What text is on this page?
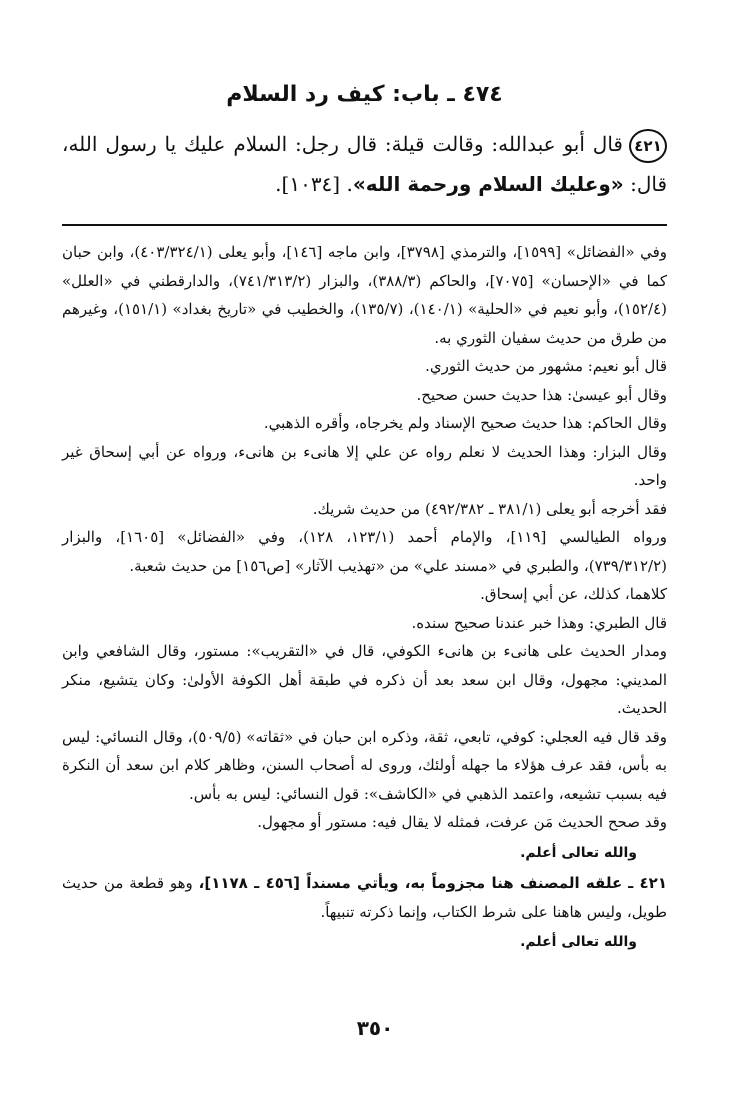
٤٧٤ ـ باب: كيف رد السلام

٤٢١قال أبو عبدالله: وقالت قيلة: قال رجل: السلام عليك يا رسول الله، قال: «وعليك السلام ورحمة الله». [١٠٣٤].

وفي «الفضائل» [١٥٩٩]، والترمذي [٣٧٩٨]، وابن ماجه [١٤٦]، وأبو يعلى (٤٠٣/٣٢٤/١)، وابن حبان كما في «الإحسان» [٧٠٧٥]، والحاكم (٣٨٨/٣)، والبزار (٧٤١/٣١٣/٢)، والدارقطني في «العلل» (١٥٢/٤)، وأبو نعيم في «الحلية» (١٤٠/١)، (١٣٥/٧)، والخطيب في «تاريخ بغداد» (١٥١/١)، وغيرهم من طرق من حديث سفيان الثوري به.

قال أبو نعيم: مشهور من حديث الثوري.

وقال أبو عيسىٰ: هذا حديث حسن صحيح.

وقال الحاكم: هذا حديث صحيح الإسناد ولم يخرجاه، وأقره الذهبي.

وقال البزار: وهذا الحديث لا نعلم رواه عن علي إلا هانىء بن هانىء، ورواه عن أبي إسحاق غير واحد.

فقد أخرجه أبو يعلى (٣٨١/١ ـ ٤٩٢/٣٨٢) من حديث شريك.

ورواه الطيالسي [١١٩]، والإمام أحمد (١٢٣/١، ١٢٨)، وفي «الفضائل» [١٦٠٥]، والبزار (٧٣٩/٣١٢/٢)، والطبري في «مسند علي» من «تهذيب الآثار» [ص١٥٦] من حديث شعبة.

كلاهما، كذلك، عن أبي إسحاق.

قال الطبري: وهذا خبر عندنا صحيح سنده.

ومدار الحديث على هانىء بن هانىء الكوفي، قال في «التقريب»: مستور، وقال الشافعي وابن المديني: مجهول، وقال ابن سعد بعد أن ذكره في طبقة أهل الكوفة الأولىٰ: وكان يتشيع، منكر الحديث.

وقد قال فيه العجلي: كوفي، تابعي، ثقة، وذكره ابن حبان في «ثقاته» (٥٠٩/٥)، وقال النسائي: ليس به بأس، فقد عرف هؤلاء ما جهله أولئك، وروى له أصحاب السنن، وظاهر كلام ابن سعد أن النكرة فيه بسبب تشيعه، واعتمد الذهبي في «الكاشف»: قول النسائي: ليس به بأس.

وقد صحح الحديث مَن عرفت، فمثله لا يقال فيه: مستور أو مجهول.

والله تعالى أعلم.

٤٢١ ـ علقه المصنف هنا مجزوماً به، ويأتي مسنداً [٤٥٦ ـ ١١٧٨]، وهو قطعة من حديث طويل، وليس هاهنا على شرط الكتاب، وإنما ذكرته تنبيهاً.

والله تعالى أعلم.

٣٥٠
